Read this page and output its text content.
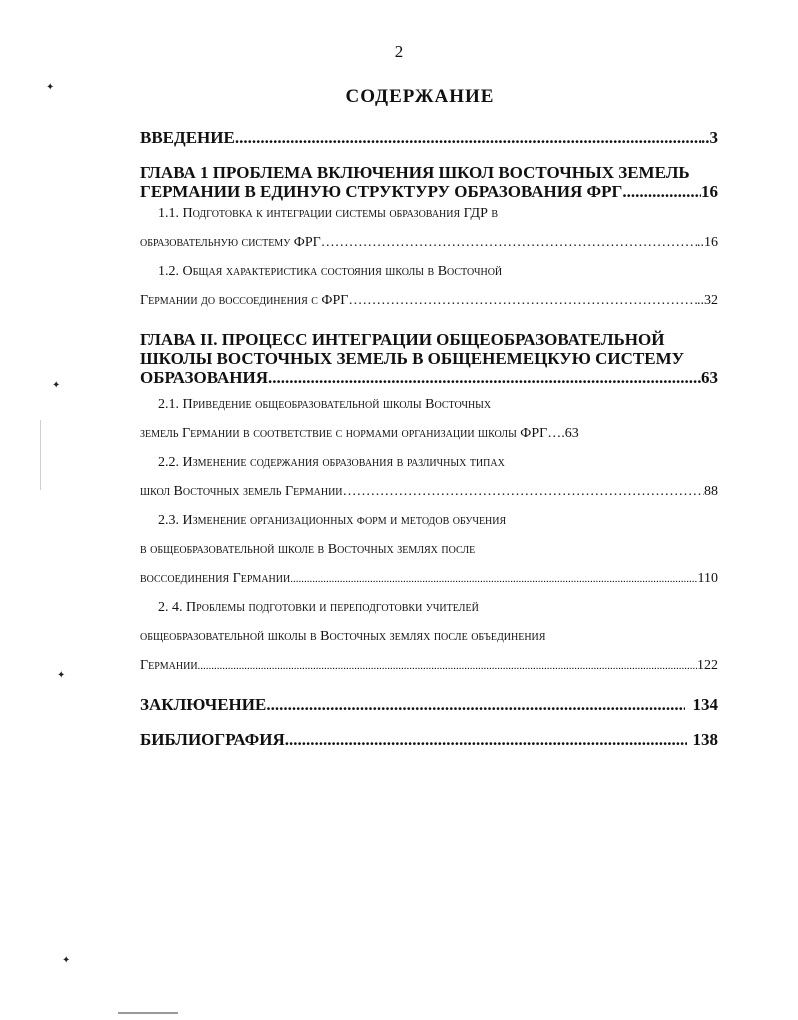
2
СОДЕРЖАНИЕ
ВВЕДЕНИЕ .....	..3
ГЛАВА 1 ПРОБЛЕМА ВКЛЮЧЕНИЯ ШКОЛ ВОСТОЧНЫХ ЗЕМЕЛЬ
ГЕРМАНИИ В ЕДИНУЮ СТРУКТУРУ ОБРАЗОВАНИЯ ФРГ .....	16
1.1. Подготовка к интеграции системы образования ГДР в
образовательную систему ФРГ …………………………………………………………………………………………………………………………	..16
1.2. Общая характеристика состояния школы в Восточной
Германии до воссоединения с ФРГ …………………………………………………………………………………………………………………………	..32
ГЛАВА II. ПРОЦЕСС ИНТЕГРАЦИИ ОБЩЕОБРАЗОВАТЕЛЬНОЙ
ШКОЛЫ ВОСТОЧНЫХ ЗЕМЕЛЬ В ОБЩЕНЕМЕЦКУЮ СИСТЕМУ
ОБРАЗОВАНИЯ .....	63
2.1. Приведение общеобразовательной школы Восточных
земель Германии в соответствие с нормами организации школы ФРГ ….63
2.2. Изменение содержания образования в различных типах
школ Восточных земель Германии …………………………………………………………………………………………………………………………	88
2.3. Изменение организационных форм и методов обучения
в общеобразовательной школе в Восточных землях после
воссоединения Германии .....	110
2. 4. Проблемы подготовки и переподготовки учителей
общеобразовательной школы в Восточных землях после объединения
Германии .....	122
ЗАКЛЮЧЕНИЕ .....	134
БИБЛИОГРАФИЯ .....	138
✦
✦
✦
✦
